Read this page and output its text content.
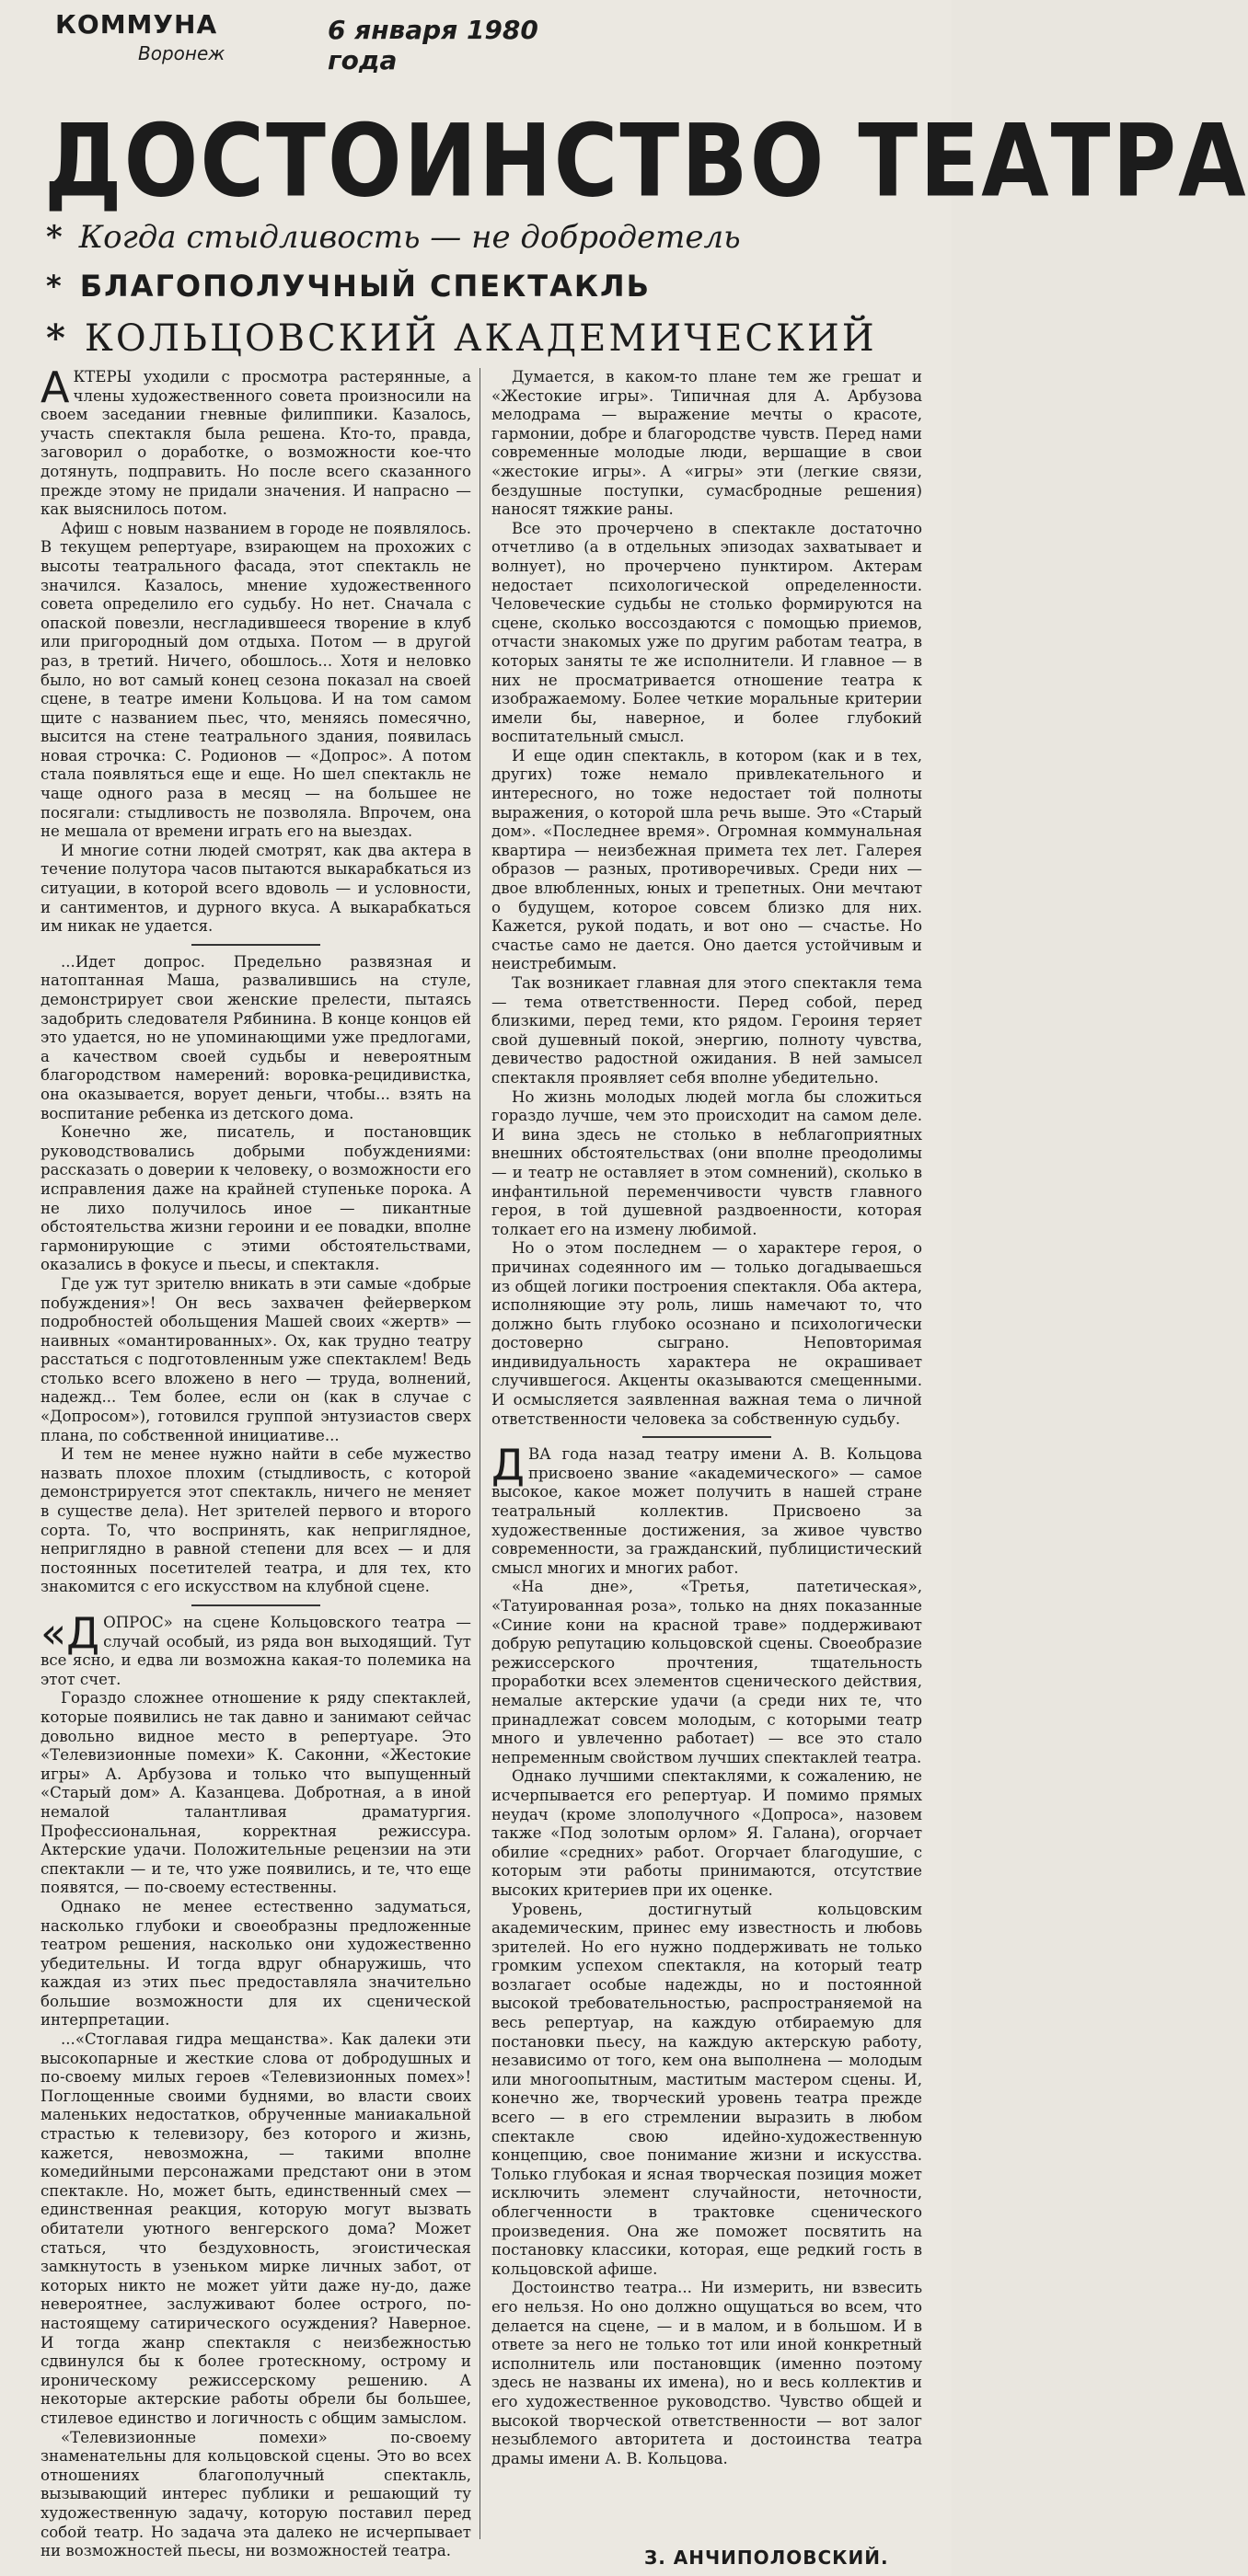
КОММУНА
Воронеж
6 января 1980 года
ДОСТОИНСТВО ТЕАТРА
* Когда стыдливость — не добродетель
* БЛАГОПОЛУЧНЫЙ СПЕКТАКЛЬ
* КОЛЬЦОВСКИЙ АКАДЕМИЧЕСКИЙ

АКТЕРЫ уходили с просмотра растерянные, а члены художественного совета произносили на своем заседании гневные филиппики. Казалось, участь спектакля была решена. Кто-то, правда, заговорил о доработке, о возможности кое-что дотянуть, подправить. Но после всего сказанного прежде этому не придали значения. И напрасно — как выяснилось потом.

Афиш с новым названием в городе не появлялось. В текущем репертуаре, взирающем на прохожих с высоты театрального фасада, этот спектакль не значился. Казалось, мнение художественного совета определило его судьбу. Но нет. Сначала с опаской повезли, несгладившееся творение в клуб или пригородный дом отдыха. Потом — в другой раз, в третий. Ничего, обошлось... Хотя и неловко было, но вот самый конец сезона показал на своей сцене, в театре имени Кольцова. И на том самом щите с названием пьес, что, меняясь помесячно, высится на стене театрального здания, появилась новая строчка: С. Родионов — «Допрос». А потом стала появляться еще и еще. Но шел спектакль не чаще одного раза в месяц — на большее не посягали: стыдливость не позволяла. Впрочем, она не мешала от времени играть его на выездах.

И многие сотни людей смотрят, как два актера в течение полутора часов пытаются выкарабкаться из ситуации, в которой всего вдоволь — и условности, и сантиментов, и дурного вкуса. А выкарабкаться им никак не удается.

...Идет допрос. Предельно развязная и натоптанная Маша, развалившись на стуле, демонстрирует свои женские прелести, пытаясь задобрить следователя Рябинина. В конце концов ей это удается, но не упоминающими уже предлогами, а качеством своей судьбы и невероятным благородством намерений: воровка-рецидивистка, она оказывается, ворует деньги, чтобы... взять на воспитание ребенка из детского дома.

Конечно же, писатель, и постановщик руководствовались добрыми побуждениями: рассказать о доверии к человеку, о возможности его исправления даже на крайней ступеньке порока. А не лихо получилось иное — пикантные обстоятельства жизни героини и ее повадки, вполне гармонирующие с этими обстоятельствами, оказались в фокусе и пьесы, и спектакля.

Где уж тут зрителю вникать в эти самые «добрые побуждения»! Он весь захвачен фейерверком подробностей обольщения Машей своих «жертв» — наивных «омантированных». Ох, как трудно театру расстаться с подготовленным уже спектаклем! Ведь столько всего вложено в него — труда, волнений, надежд... Тем более, если он (как в случае с «Допросом»), готовился группой энтузиастов сверх плана, по собственной инициативе...

И тем не менее нужно найти в себе мужество назвать плохое плохим (стыдливость, с которой демонстрируется этот спектакль, ничего не меняет в существе дела). Нет зрителей первого и второго сорта. То, что воспринять, как неприглядное, неприглядно в равной степени для всех — и для постоянных посетителей театра, и для тех, кто знакомится с его искусством на клубной сцене.

«ДОПРОС» на сцене Кольцовского театра — случай особый, из ряда вон выходящий. Тут все ясно, и едва ли возможна какая-то полемика на этот счет.

Гораздо сложнее отношение к ряду спектаклей, которые появились не так давно и занимают сейчас довольно видное место в репертуаре. Это «Телевизионные помехи» К. Саконни, «Жестокие игры» А. Арбузова и только что выпущенный «Старый дом» А. Казанцева. Добротная, а в иной немалой талантливая драматургия. Профессиональная, корректная режиссура. Актерские удачи. Положительные рецензии на эти спектакли — и те, что уже появились, и те, что еще появятся, — по-своему естественны.

Однако не менее естественно задуматься, насколько глубоки и своеобразны предложенные театром решения, насколько они художественно убедительны. И тогда вдруг обнаружишь, что каждая из этих пьес предоставляла значительно большие возможности для их сценической интерпретации.

...«Стоглавая гидра мещанства». Как далеки эти высокопарные и жесткие слова от добродушных и по-своему милых героев «Телевизионных помех»! Поглощенные своими буднями, во власти своих маленьких недостатков, обрученные маниакальной страстью к телевизору, без которого и жизнь, кажется, невозможна, — такими вполне комедийными персонажами предстают они в этом спектакле. Но, может быть, единственный смех — единственная реакция, которую могут вызвать обитатели уютного венгерского дома? Может статься, что бездуховность, эгоистическая замкнутость в узеньком мирке личных забот, от которых никто не может уйти даже ну-до, даже невероятнее, заслуживают более острого, по-настоящему сатирического осуждения? Наверное. И тогда жанр спектакля с неизбежностью сдвинулся бы к более гротескному, острому и ироническому режиссерскому решению. А некоторые актерские работы обрели бы большее, стилевое единство и логичность с общим замыслом.

«Телевизионные помехи» по-своему знаменательны для кольцовской сцены. Это во всех отношениях благополучный спектакль, вызывающий интерес публики и решающий ту художественную задачу, которую поставил перед собой театр. Но задача эта далеко не исчерпывает ни возможностей пьесы, ни возможностей театра.

Думается, в каком-то плане тем же грешат и «Жестокие игры». Типичная для А. Арбузова мелодрама — выражение мечты о красоте, гармонии, добре и благородстве чувств. Перед нами современные молодые люди, вершащие в свои «жестокие игры». А «игры» эти (легкие связи, бездушные поступки, сумасбродные решения) наносят тяжкие раны.

Все это прочерчено в спектакле достаточно отчетливо (а в отдельных эпизодах захватывает и волнует), но прочерчено пунктиром. Актерам недостает психологической определенности. Человеческие судьбы не столько формируются на сцене, сколько воссоздаются с помощью приемов, отчасти знакомых уже по другим работам театра, в которых заняты те же исполнители. И главное — в них не просматривается отношение театра к изображаемому. Более четкие моральные критерии имели бы, наверное, и более глубокий воспитательный смысл.

И еще один спектакль, в котором (как и в тех, других) тоже немало привлекательного и интересного, но тоже недостает той полноты выражения, о которой шла речь выше. Это «Старый дом». «Последнее время». Огромная коммунальная квартира — неизбежная примета тех лет. Галерея образов — разных, противоречивых. Среди них — двое влюбленных, юных и трепетных. Они мечтают о будущем, которое совсем близко для них. Кажется, рукой подать, и вот оно — счастье. Но счастье само не дается. Оно дается устойчивым и неистребимым.

Так возникает главная для этого спектакля тема — тема ответственности. Перед собой, перед близкими, перед теми, кто рядом. Героиня теряет свой душевный покой, энергию, полноту чувства, девичество радостной ожидания. В ней замысел спектакля проявляет себя вполне убедительно.

Но жизнь молодых людей могла бы сложиться гораздо лучше, чем это происходит на самом деле. И вина здесь не столько в неблагоприятных внешних обстоятельствах (они вполне преодолимы — и театр не оставляет в этом сомнений), сколько в инфантильной переменчивости чувств главного героя, в той душевной раздвоенности, которая толкает его на измену любимой.

Но о этом последнем — о характере героя, о причинах содеянного им — только догадываешься из общей логики построения спектакля. Оба актера, исполняющие эту роль, лишь намечают то, что должно быть глубоко осознано и психологически достоверно сыграно. Неповторимая индивидуальность характера не окрашивает случившегося. Акценты оказываются смещенными. И осмысляется заявленная важная тема о личной ответственности человека за собственную судьбу.

ДВА года назад театру имени А. В. Кольцова присвоено звание «академического» — самое высокое, какое может получить в нашей стране театральный коллектив. Присвоено за художественные достижения, за живое чувство современности, за гражданский, публицистический смысл многих и многих работ.

«На дне», «Третья, патетическая», «Татуированная роза», только на днях показанные «Синие кони на красной траве» поддерживают добрую репутацию кольцовской сцены. Своеобразие режиссерского прочтения, тщательность проработки всех элементов сценического действия, немалые актерские удачи (а среди них те, что принадлежат совсем молодым, с которыми театр много и увлеченно работает) — все это стало непременным свойством лучших спектаклей театра.

Однако лучшими спектаклями, к сожалению, не исчерпывается его репертуар. И помимо прямых неудач (кроме злополучного «Допроса», назовем также «Под золотым орлом» Я. Галана), огорчает обилие «средних» работ. Огорчает благодушие, с которым эти работы принимаются, отсутствие высоких критериев при их оценке.

Уровень, достигнутый кольцовским академическим, принес ему известность и любовь зрителей. Но его нужно поддерживать не только громким успехом спектакля, на который театр возлагает особые надежды, но и постоянной высокой требовательностью, распространяемой на весь репертуар, на каждую отбираемую для постановки пьесу, на каждую актерскую работу, независимо от того, кем она выполнена — молодым или многоопытным, маститым мастером сцены. И, конечно же, творческий уровень театра прежде всего — в его стремлении выразить в любом спектакле свою идейно-художественную концепцию, свое понимание жизни и искусства. Только глубокая и ясная творческая позиция может исключить элемент случайности, неточности, облегченности в трактовке сценического произведения. Она же поможет посвятить на постановку классики, которая, еще редкий гость в кольцовской афише.

Достоинство театра... Ни измерить, ни взвесить его нельзя. Но оно должно ощущаться во всем, что делается на сцене, — и в малом, и в большом. И в ответе за него не только тот или иной конкретный исполнитель или постановщик (именно поэтому здесь не названы их имена), но и весь коллектив и его художественное руководство. Чувство общей и высокой творческой ответственности — вот залог незыблемого авторитета и достоинства театра драмы имени А. В. Кольцова.

З. АНЧИПОЛОВСКИЙ.
